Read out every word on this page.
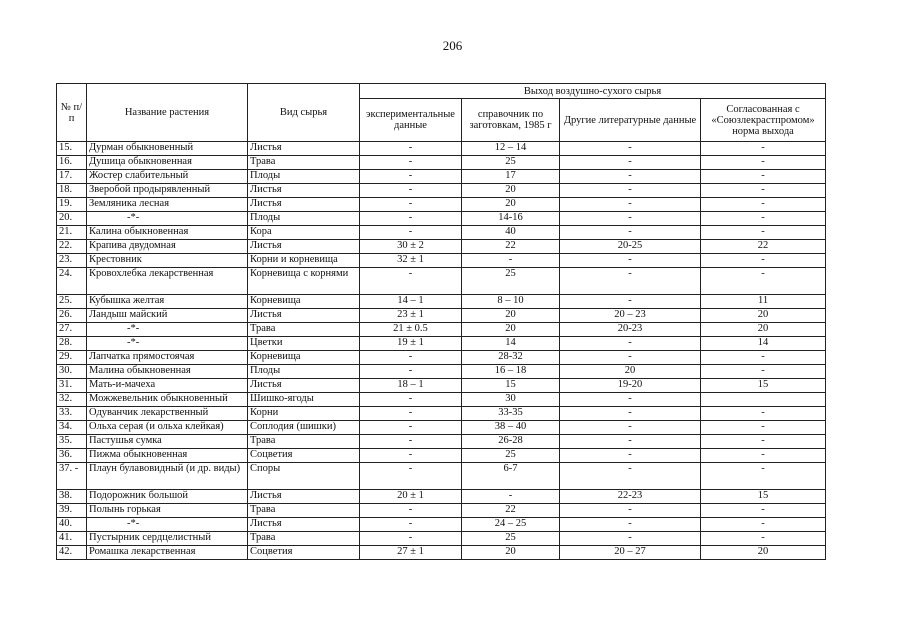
206
№ п/п	Название растения	Вид сырья	Выход воздушно-сухого сырья			
			экспериментальные данные	справочник по заготовкам, 1985 г	Другие литературные данные	Согласованная с «Союзлекрастпромом» норма выхода
15.	Дурман обыкновенный	Листья	-	12 – 14	-	-
16.	Душица обыкновенная	Трава	-	25	-	-
17.	Жостер слабительный	Плоды	-	17	-	-
18.	Зверобой продырявленный	Листья	-	20	-	-
19.	Земляника лесная	Листья	-	20	-	-
20.	-*-	Плоды	-	14-16	-	-
21.	Калина обыкновенная	Кора	-	40	-	-
22.	Крапива двудомная	Листья	30 ± 2	22	20-25	22
23.	Крестовник	Корни и корневища	32 ± 1	-	-	-
24.	Кровохлебка лекарственная	Корневища с корнями	-	25	-	-
25.	Кубышка желтая	Корневища	14 – 1	8 – 10	-	11
26.	Ландыш майский	Листья	23 ± 1	20	20 – 23	20
27.	-*-	Трава	21 ± 0.5	20	20-23	20
28.	-*-	Цветки	19 ± 1	14	-	14
29.	Лапчатка прямостоячая	Корневища	-	28-32	-	-
30.	Малина обыкновенная	Плоды	-	16 – 18	20	-
31.	Мать-и-мачеха	Листья	18 – 1	15	19-20	15
32.	Можжевельник обыкновенный	Шишко-ягоды	-	30	-	
33.	Одуванчик лекарственный	Корни	-	33-35	-	-
34.	Ольха серая (и ольха клейкая)	Соплодия (шишки)	-	38 – 40	-	-
35.	Пастушья сумка	Трава	-	26-28	-	-
36.	Пижма обыкновенная	Соцветия	-	25	-	-
37. -	Плаун булавовидный (и др. виды)	Споры	-	6-7	-	-
38.	Подорожник большой	Листья	20 ± 1	-	22-23	15
39.	Полынь горькая	Трава	-	22	-	-
40.	-*-	Листья	-	24 – 25	-	-
41.	Пустырник сердцелистный	Трава	-	25	-	-
42.	Ромашка лекарственная	Соцветия	27 ± 1	20	20 – 27	20
